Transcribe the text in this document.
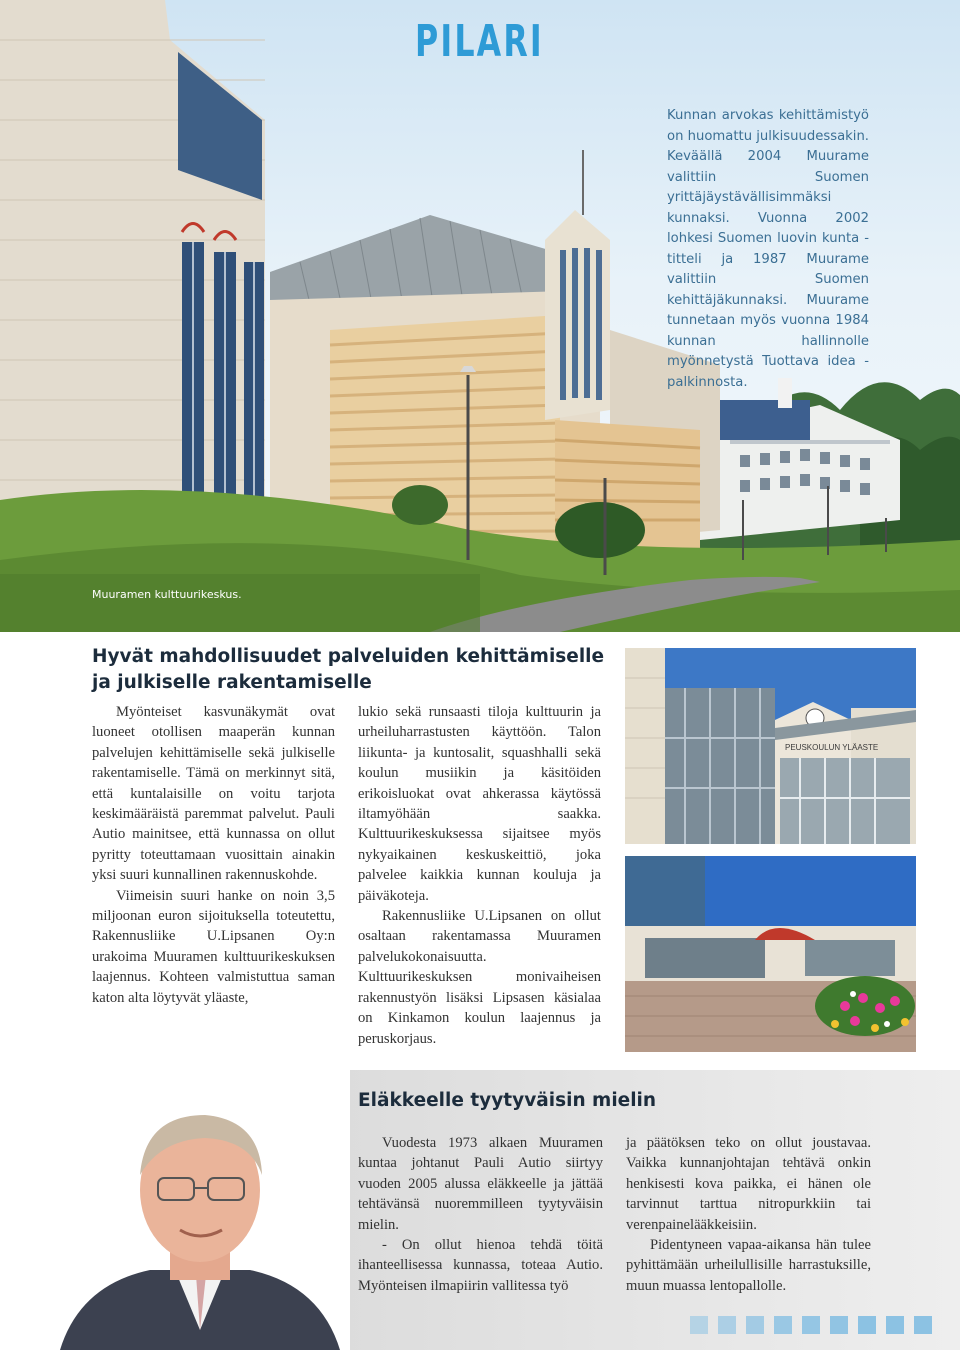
PILARI
Kunnan arvokas kehittämistyö on huomattu julkisuudessakin. Keväällä 2004 Muurame valittiin Suomen yrittäjäystävällisimmäksi kunnaksi. Vuonna 2002 lohkesi Suomen luovin kunta -titteli ja 1987 Muurame valittiin Suomen kehittäjäkunnaksi. Muurame tunnetaan myös vuonna 1984 kunnan hallinnolle myönnetystä Tuottava idea -palkinnosta.
Muuramen kulttuurikeskus.
Hyvät mahdollisuudet palveluiden kehittämiselle ja julkiselle rakentamiselle

Myönteiset kasvunäkymät ovat luoneet otollisen maaperän kunnan palvelujen kehittämiselle sekä julkiselle rakentamiselle. Tämä on merkinnyt sitä, että kuntalaisille on voitu tarjota keskimääräistä paremmat palvelut. Pauli Autio mainitsee, että kunnassa on ollut pyritty toteuttamaan vuosittain ainakin yksi suuri kunnallinen rakennuskohde.

Viimeisin suuri hanke on noin 3,5 miljoonan euron sijoituksella toteutettu, Rakennusliike U.Lipsanen Oy:n urakoima Muuramen kulttuurikeskuksen laajennus. Kohteen valmistuttua saman katon alta löytyvät yläaste,

lukio sekä runsaasti tiloja kulttuurin ja urheiluharrastusten käyttöön. Talon liikunta- ja kuntosalit, squashhalli sekä koulun musiikin ja käsitöiden erikoisluokat ovat ahkerassa käytössä iltamyöhään saakka. Kulttuurikeskuksessa sijaitsee myös nykyaikainen keskuskeittiö, joka palvelee kaikkia kunnan kouluja ja päiväkoteja.

Rakennusliike U.Lipsanen on ollut osaltaan rakentamassa Muuramen palvelukokonaisuutta. Kulttuurikeskuksen monivaiheisen rakennustyön lisäksi Lipsasen käsialaa on Kinkamon koulun laajennus ja peruskorjaus.

PEUSKOULUN YLÄASTE
Eläkkeelle tyytyväisin mielin

Vuodesta 1973 alkaen Muuramen kuntaa johtanut Pauli Autio siirtyy vuoden 2005 alussa eläkkeelle ja jättää tehtävänsä nuoremmilleen tyytyväisin mielin.

- On ollut hienoa tehdä töitä ihanteellisessa kunnassa, toteaa Autio. Myönteisen ilmapiirin vallitessa työ

ja päätöksen teko on ollut joustavaa. Vaikka kunnanjohtajan tehtävä onkin henkisesti kova paikka, ei hänen ole tarvinnut tarttua nitropurkkiin tai verenpainelääkkeisiin.

Pidentyneen vapaa-aikansa hän tulee pyhittämään urheilullisille harrastuksille, muun muassa lentopallolle.
